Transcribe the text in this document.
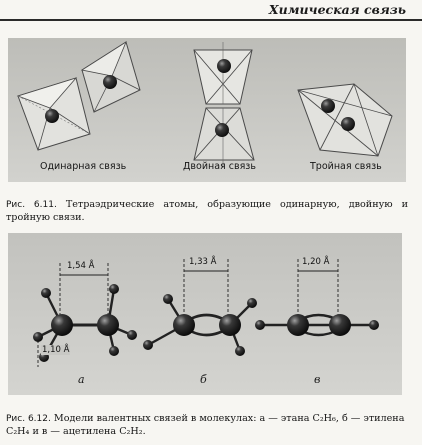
Химическая связь
Одинарная связь	Двойная связь	Тройная связь
Рис. 6.11. Тетраэдрические атомы, образующие одинарную, двойную и тройную связи.
1,54 Å	1,33 Å	1,20 Å
1,10 Å
а	б	в
Рис. 6.12. Модели валентных связей в молекулах: а — этана C₂H₆, б — этилена
C₂H₄ и в — ацетилена C₂H₂.
